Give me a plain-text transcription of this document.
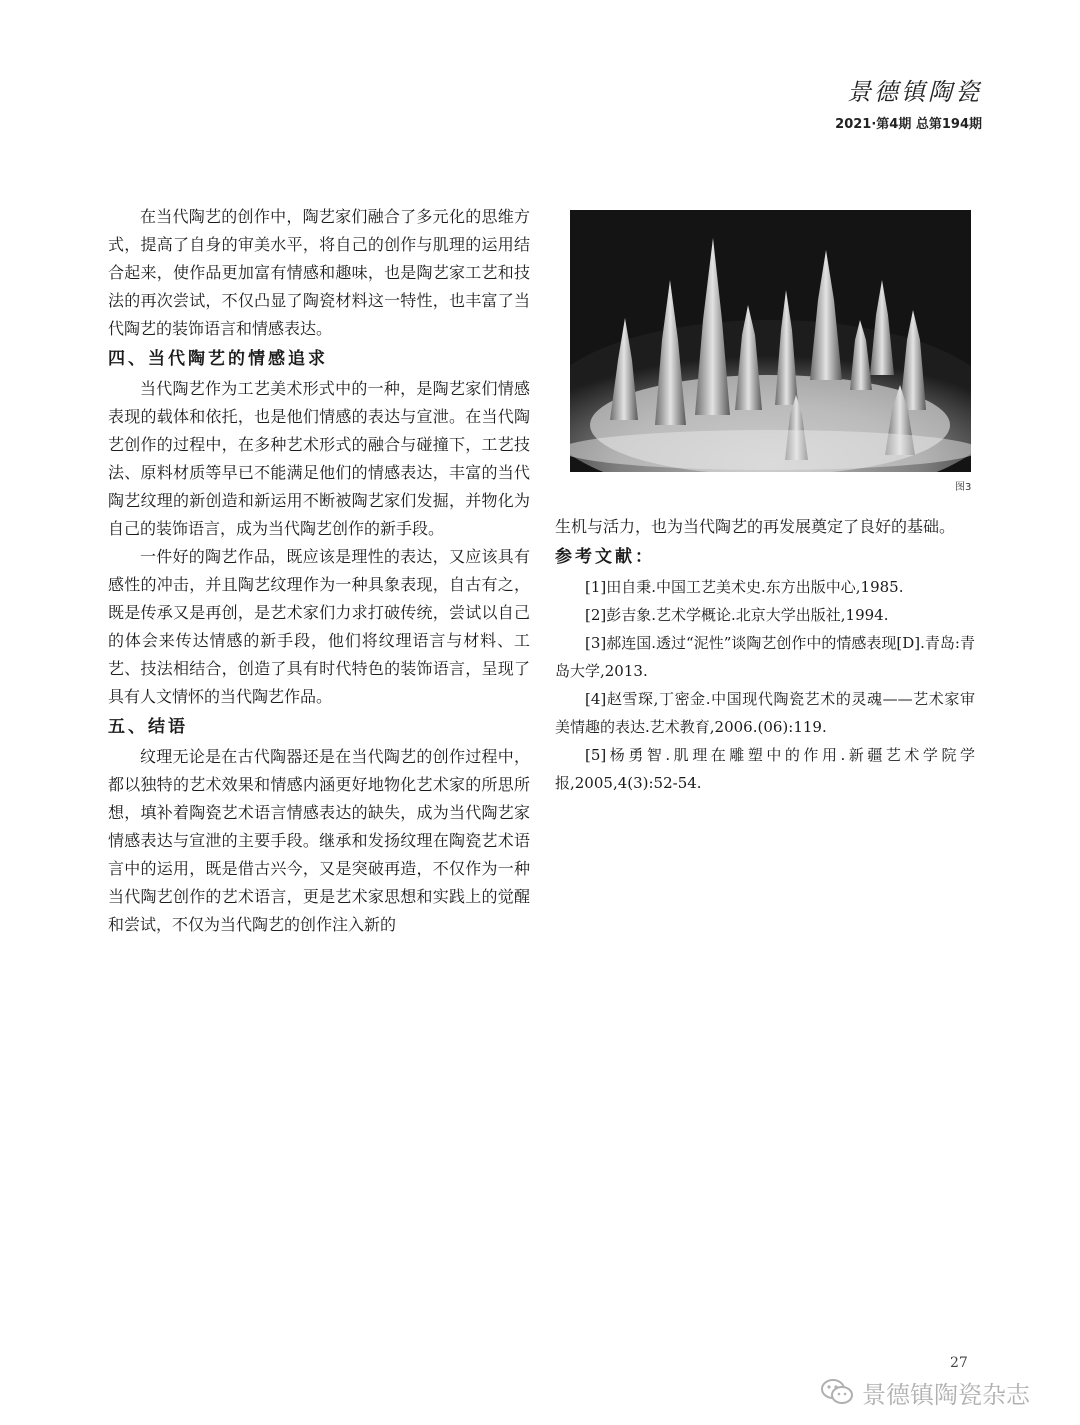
景德镇陶瓷
2021·第4期 总第194期

在当代陶艺的创作中，陶艺家们融合了多元化的思维方式，提高了自身的审美水平，将自己的创作与肌理的运用结合起来，使作品更加富有情感和趣味，也是陶艺家工艺和技法的再次尝试，不仅凸显了陶瓷材料这一特性，也丰富了当代陶艺的装饰语言和情感表达。

四、当代陶艺的情感追求

当代陶艺作为工艺美术形式中的一种，是陶艺家们情感表现的载体和依托，也是他们情感的表达与宣泄。在当代陶艺创作的过程中，在多种艺术形式的融合与碰撞下，工艺技法、原料材质等早已不能满足他们的情感表达，丰富的当代陶艺纹理的新创造和新运用不断被陶艺家们发掘，并物化为自己的装饰语言，成为当代陶艺创作的新手段。

一件好的陶艺作品，既应该是理性的表达，又应该具有感性的冲击，并且陶艺纹理作为一种具象表现，自古有之，既是传承又是再创，是艺术家们力求打破传统，尝试以自己的体会来传达情感的新手段，他们将纹理语言与材料、工艺、技法相结合，创造了具有时代特色的装饰语言，呈现了具有人文情怀的当代陶艺作品。

五、结语

纹理无论是在古代陶器还是在当代陶艺的创作过程中，都以独特的艺术效果和情感内涵更好地物化艺术家的所思所想，填补着陶瓷艺术语言情感表达的缺失，成为当代陶艺家情感表达与宣泄的主要手段。继承和发扬纹理在陶瓷艺术语言中的运用，既是借古兴今，又是突破再造，不仅作为一种当代陶艺创作的艺术语言，更是艺术家思想和实践上的觉醒和尝试，不仅为当代陶艺的创作注入新的

图3

生机与活力，也为当代陶艺的再发展奠定了良好的基础。

参考文献：

[1]田自秉.中国工艺美术史.东方出版中心,1985.

[2]彭吉象.艺术学概论.北京大学出版社,1994.

[3]郝连国.透过“泥性”谈陶艺创作中的情感表现[D].青岛:青岛大学,2013.

[4]赵雪琛,丁密金.中国现代陶瓷艺术的灵魂——艺术家审美情趣的表达.艺术教育,2006.(06):119.

[5]杨勇智.肌理在雕塑中的作用.新疆艺术学院学报,2005,4(3):52-54.

27
景德镇陶瓷杂志
